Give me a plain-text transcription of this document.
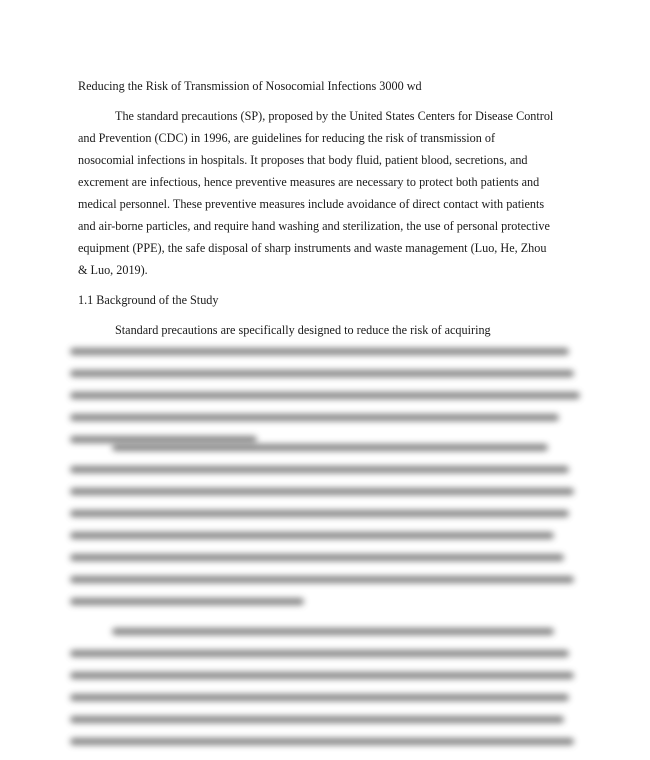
Reducing the Risk of Transmission of Nosocomial Infections 3000 wd
The standard precautions (SP), proposed by the United States Centers for Disease Control
and Prevention (CDC) in 1996, are guidelines for reducing the risk of transmission of
nosocomial infections in hospitals. It proposes that body fluid, patient blood, secretions, and
excrement are infectious, hence preventive measures are necessary to protect both patients and
medical personnel. These preventive measures include avoidance of direct contact with patients
and air-borne particles, and require hand washing and sterilization, the use of personal protective
equipment (PPE), the safe disposal of sharp instruments and waste management (Luo, He, Zhou
& Luo, 2019).
1.1 Background of the Study
Standard precautions are specifically designed to reduce the risk of acquiring
